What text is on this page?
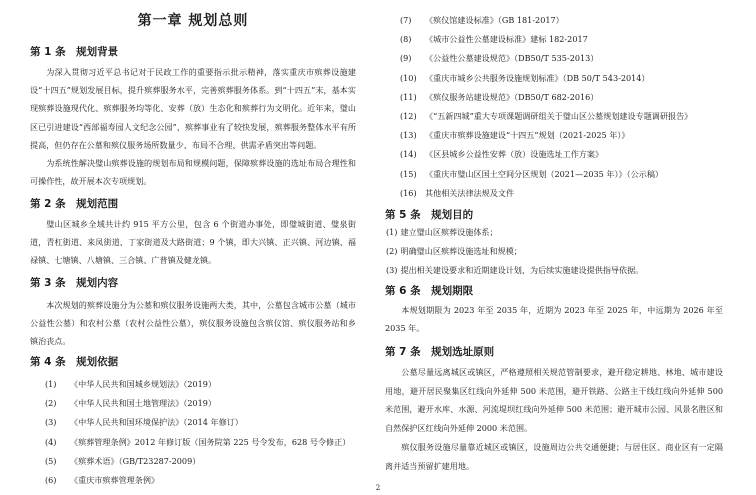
第一章 规划总则
第 1 条　规划背景

为深入贯彻习近平总书记对于民政工作的重要指示批示精神，落实重庆市殡葬设施建设“十四五”规划发展目标，提升殡葬服务水平，完善殡葬服务体系。到“十四五”末，基本实现殡葬设施现代化、殡葬服务均等化、安葬（放）生态化和殡葬行为文明化。近年来，璧山区已引进建设“西部福寿园人文纪念公园”，殡葬事业有了较快发展，殡葬服务整体水平有所提高，但仍存在公墓和殡仪服务场所数量少、布局不合理、供需矛盾突出等问题。

为系统性解决璧山殡葬设施的规划布局和规模问题，保障殡葬设施的选址布局合理性和可操作性，故开展本次专项规划。

第 2 条　规划范围

璧山区城乡全域共计约 915 平方公里，包含 6 个街道办事处，即璧城街道、璧泉街道，青杠街道、来凤街道、丁家街道及大路街道；9 个镇，即大兴镇、正兴镇、河边镇、福禄镇、七塘镇、八塘镇、三合镇、广普镇及健龙镇。

第 3 条　规划内容

本次规划的殡葬设施分为公墓和殡仪服务设施两大类，其中，公墓包含城市公墓（城市公益性公墓）和农村公墓（农村公益性公墓），殡仪服务设施包含殡仪馆、殡仪服务站和乡镇治丧点。

第 4 条　规划依据
(1)	《中华人民共和国城乡规划法》（2019）
(2)	《中华人民共和国土地管理法》（2019）
(3)	《中华人民共和国环境保护法》（2014 年修订）
(4)	《殡葬管理条例》2012 年修订版（国务院第 225 号令发布，628 号令修正）
(5)	《殡葬术语》（GB/T23287-2009）
(6)	《重庆市殡葬管理条例》
(7)	《殡仪馆建设标准》（GB 181-2017）
(8)	《城市公益性公墓建设标准》建标 182-2017
(9)	《公益性公墓建设规范》（DB50/T 535-2013）
(10)	《重庆市城乡公共服务设施规划标准》（DB 50/T 543-2014）
(11)	《殡仪服务站建设规范》（DB50/T 682-2016）
(12)	《“五新四城”重大专项课题调研组关于璧山区公墓规划建设专题调研报告》
(13)	《重庆市殡葬设施建设“十四五”规划（2021-2025 年）》
(14)	《区县城乡公益性安葬（放）设施选址工作方案》
(15)	《重庆市璧山区国土空间分区规划（2021—2035 年）》（公示稿）
(16)	其他相关法律法规及文件
第 5 条　规划目的
(1) 建立璧山区殡葬设施体系；
(2) 明确璧山区殡葬设施选址和规模；
(3) 提出相关建设要求和近期建设计划，为后续实施建设提供指导依据。
第 6 条　规划期限

本规划期限为 2023 年至 2035 年，近期为 2023 年至 2025 年，中远期为 2026 年至 2035 年。

第 7 条　规划选址原则

公墓尽量远离城区或镇区，严格遵照相关规范管制要求，避开稳定耕地、林地、城市建设用地，避开居民聚集区红线向外延伸 500 米范围，避开铁路、公路主干线红线向外延伸 500 米范围，避开水库、水源、河流堤坝红线向外延伸 500 米范围；避开城市公园、风景名胜区和自然保护区红线向外延伸 2000 米范围。

殡仪服务设施尽量靠近城区或镇区，设施周边公共交通便捷；与居住区、商业区有一定隔离并适当预留扩建用地。

2
